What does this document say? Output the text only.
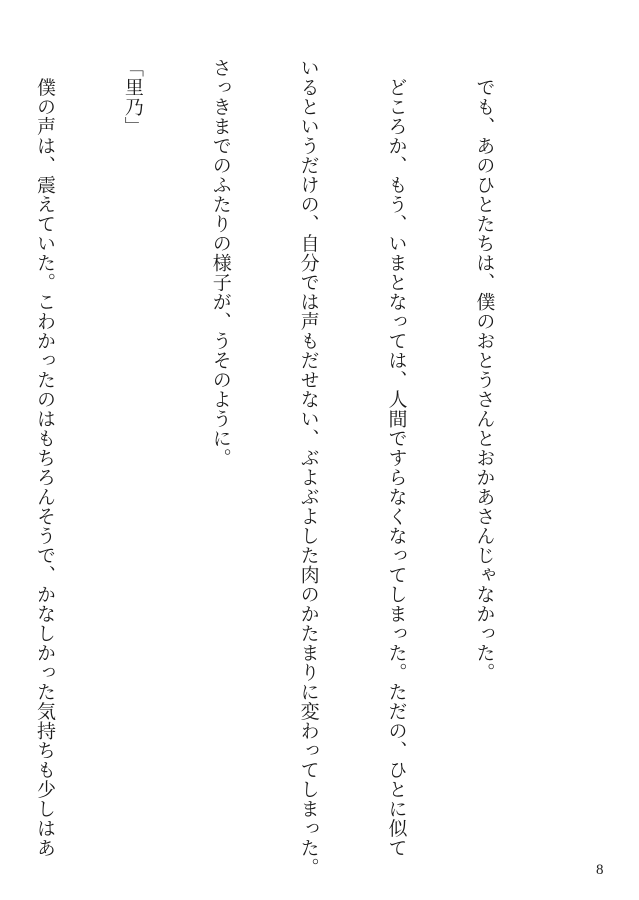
　でも、あのひとたちは、僕のおとうさんとおかあさんじゃなかった。

　どころか、もう、いまとなっては、人間ですらなくなってしまった。ただの、ひとに似て

いるというだけの、自分では声もだせない、ぶよぶよした肉のかたまりに変わってしまった。

さっきまでのふたりの様子が、うそのように。

「里乃」

　僕の声は、震えていた。こわかったのはもちろんそうで、かなしかった気持ちも少しはあ

8
